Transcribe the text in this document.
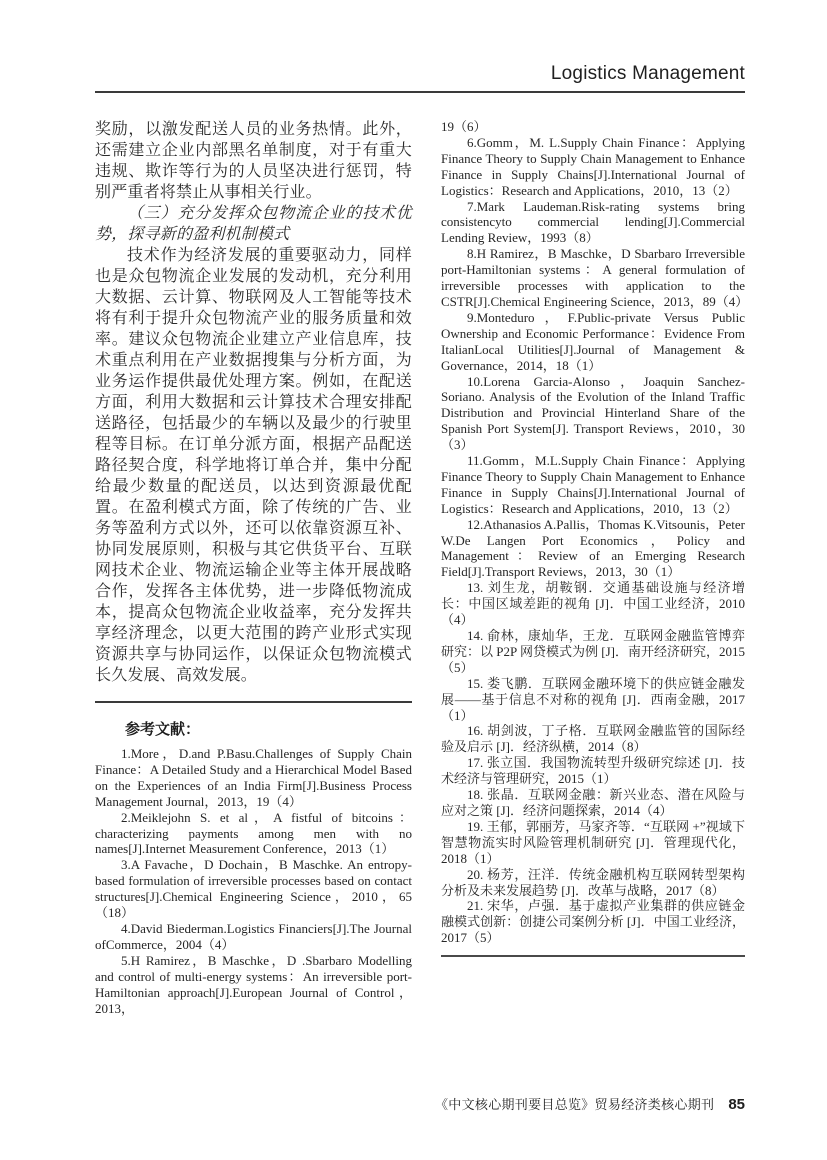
Logistics Management

奖励，以激发配送人员的业务热情。此外，还需建立企业内部黑名单制度，对于有重大违规、欺诈等行为的人员坚决进行惩罚，特别严重者将禁止从事相关行业。

（三）充分发挥众包物流企业的技术优势，探寻新的盈利机制模式

技术作为经济发展的重要驱动力，同样也是众包物流企业发展的发动机，充分利用大数据、云计算、物联网及人工智能等技术将有利于提升众包物流产业的服务质量和效率。建议众包物流企业建立产业信息库，技术重点利用在产业数据搜集与分析方面，为业务运作提供最优处理方案。例如，在配送方面，利用大数据和云计算技术合理安排配送路径，包括最少的车辆以及最少的行驶里程等目标。在订单分派方面，根据产品配送路径契合度，科学地将订单合并，集中分配给最少数量的配送员，以达到资源最优配置。在盈利模式方面，除了传统的广告、业务等盈利方式以外，还可以依靠资源互补、协同发展原则，积极与其它供货平台、互联网技术企业、物流运输企业等主体开展战略合作，发挥各主体优势，进一步降低物流成本，提高众包物流企业收益率，充分发挥共享经济理念，以更大范围的跨产业形式实现资源共享与协同运作，以保证众包物流模式长久发展、高效发展。

参考文献：

1.More，D.and P.Basu.Challenges of Supply Chain Finance：A Detailed Study and a Hierarchical Model Based on the Experiences of an India Firm[J].Business Process Management Journal，2013，19（4）

2.Meiklejohn S. et al，A fistful of bitcoins：characterizing payments among men with no names[J].Internet Measurement Conference，2013（1）

3.A Favache，D Dochain，B Maschke. An entropy-based formulation of irreversible processes based on contact structures[J].Chemical Engineering Science，2010，65（18）

4.David Biederman.Logistics Financiers[J].The Journal ofCommerce，2004（4）

5.H Ramirez，B Maschke，D .Sbarbaro Modelling and control of multi-energy systems：An irreversible port-Hamiltonian approach[J].European Journal of Control，2013，

19（6）

6.Gomm，M. L.Supply Chain Finance：Applying Finance Theory to Supply Chain Management to Enhance Finance in Supply Chains[J].International Journal of Logistics：Research and Applications，2010，13（2）

7.Mark Laudeman.Risk-rating systems bring consistencyto commercial lending[J].Commercial Lending Review，1993（8）

8.H Ramirez，B Maschke，D Sbarbaro Irreversible port-Hamiltonian systems：A general formulation of irreversible processes with application to the CSTR[J].Chemical Engineering Science，2013，89（4）

9.Monteduro，F.Public-private Versus Public Ownership and Economic Performance：Evidence From ItalianLocal Utilities[J].Journal of Management & Governance，2014，18（1）

10.Lorena Garcia-Alonso，Joaquin Sanchez-Soriano. Analysis of the Evolution of the Inland Traffic Distribution and Provincial Hinterland Share of the Spanish Port System[J]. Transport Reviews，2010，30（3）

11.Gomm，M.L.Supply Chain Finance：Applying Finance Theory to Supply Chain Management to Enhance Finance in Supply Chains[J].International Journal of Logistics：Research and Applications，2010，13（2）

12.Athanasios A.Pallis，Thomas K.Vitsounis，Peter W.De Langen Port Economics，Policy and Management：Review of an Emerging Research Field[J].Transport Reviews，2013，30（1）

13. 刘生龙，胡鞍钢．交通基础设施与经济增长：中国区域差距的视角 [J]．中国工业经济，2010（4）

14. 俞林，康灿华，王龙．互联网金融监管博弈研究：以 P2P 网贷模式为例 [J]．南开经济研究，2015（5）

15. 娄飞鹏．互联网金融环境下的供应链金融发展——基于信息不对称的视角 [J]．西南金融，2017（1）

16. 胡剑波，丁子格．互联网金融监管的国际经验及启示 [J]．经济纵横，2014（8）

17. 张立国．我国物流转型升级研究综述 [J]．技术经济与管理研究，2015（1）

18. 张晶．互联网金融：新兴业态、潜在风险与应对之策 [J]．经济问题探索，2014（4）

19. 王郁，郭丽芳，马家齐等．“互联网 +”视域下智慧物流实时风险管理机制研究 [J]．管理现代化，2018（1）

20. 杨芳，汪洋．传统金融机构互联网转型架构分析及未来发展趋势 [J]．改革与战略，2017（8）

21. 宋华，卢强．基于虚拟产业集群的供应链金融模式创新：创捷公司案例分析 [J]．中国工业经济，2017（5）

《中文核心期刊要目总览》贸易经济类核心期刊 85
